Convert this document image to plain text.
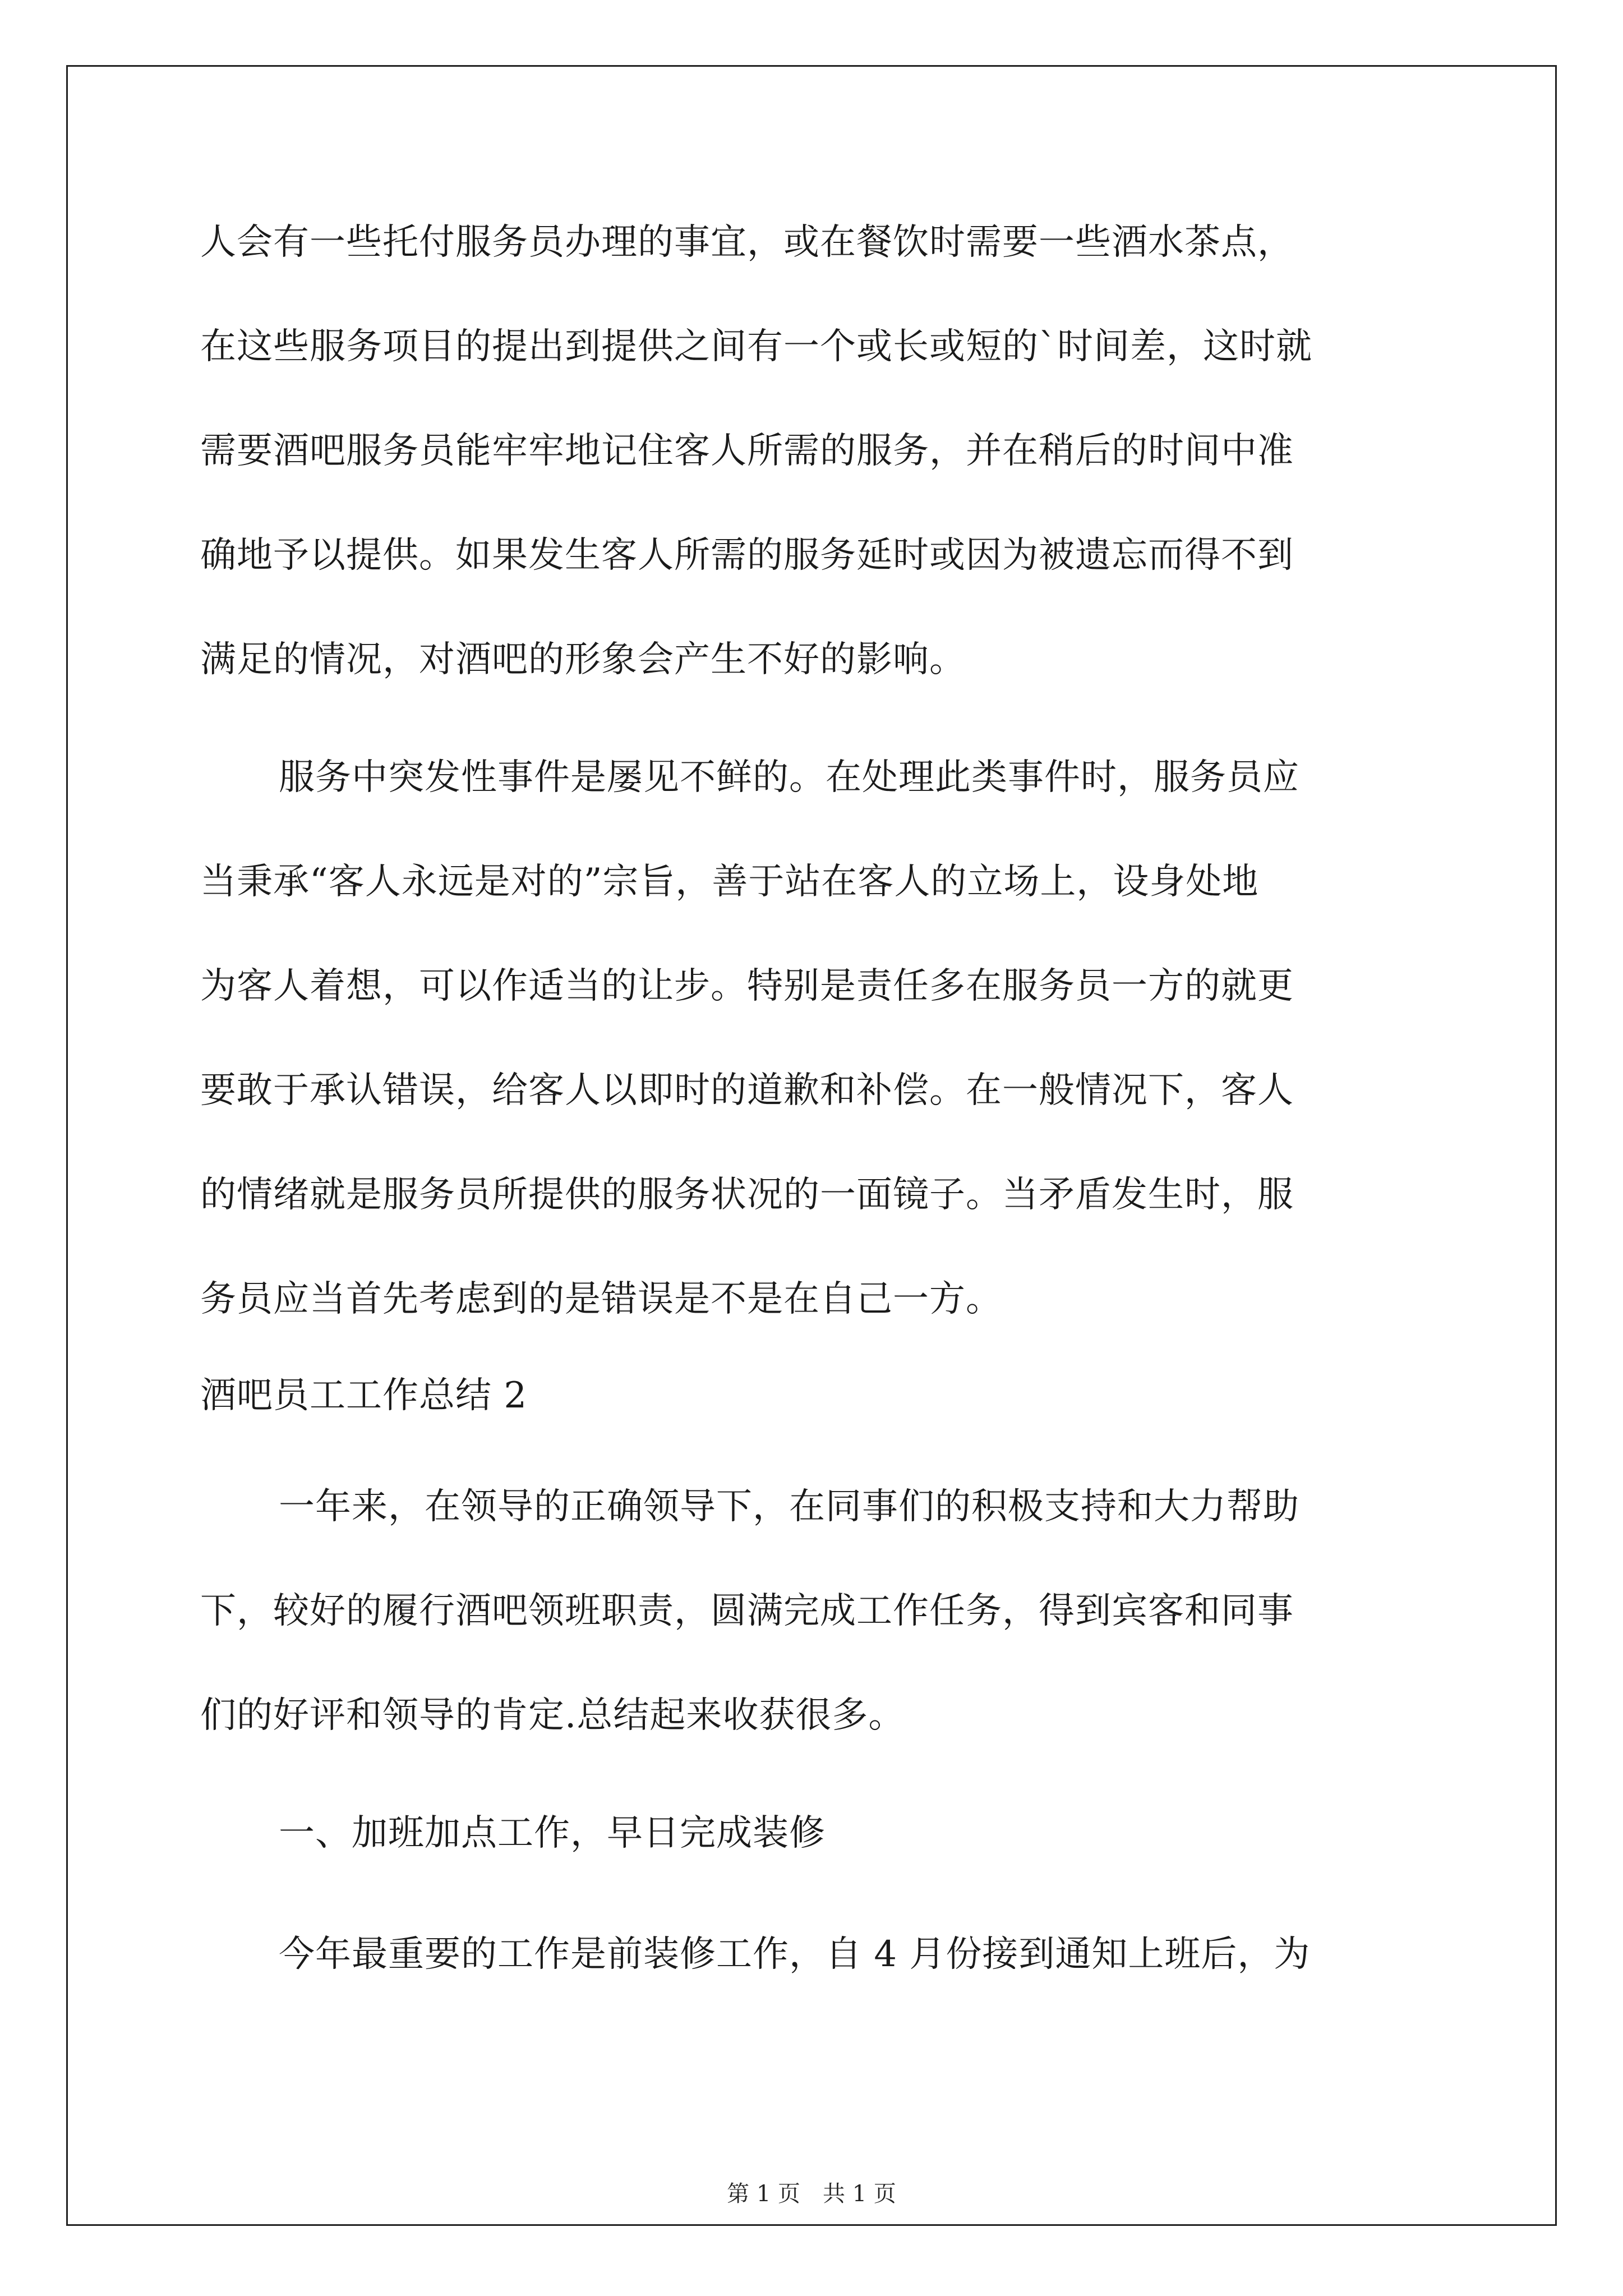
人会有一些托付服务员办理的事宜，或在餐饮时需要一些酒水茶点，
在这些服务项目的提出到提供之间有一个或长或短的`时间差，这时就
需要酒吧服务员能牢牢地记住客人所需的服务，并在稍后的时间中准
确地予以提供。如果发生客人所需的服务延时或因为被遗忘而得不到
满足的情况，对酒吧的形象会产生不好的影响。
服务中突发性事件是屡见不鲜的。在处理此类事件时，服务员应
当秉承“客人永远是对的”宗旨，善于站在客人的立场上，设身处地
为客人着想，可以作适当的让步。特别是责任多在服务员一方的就更
要敢于承认错误，给客人以即时的道歉和补偿。在一般情况下，客人
的情绪就是服务员所提供的服务状况的一面镜子。当矛盾发生时，服
务员应当首先考虑到的是错误是不是在自己一方。
酒吧员工工作总结 2
一年来，在领导的正确领导下，在同事们的积极支持和大力帮助
下，较好的履行酒吧领班职责，圆满完成工作任务，得到宾客和同事
们的好评和领导的肯定.总结起来收获很多。
一、加班加点工作，早日完成装修
今年最重要的工作是前装修工作，自 4 月份接到通知上班后，为
第 1 页　共 1 页
